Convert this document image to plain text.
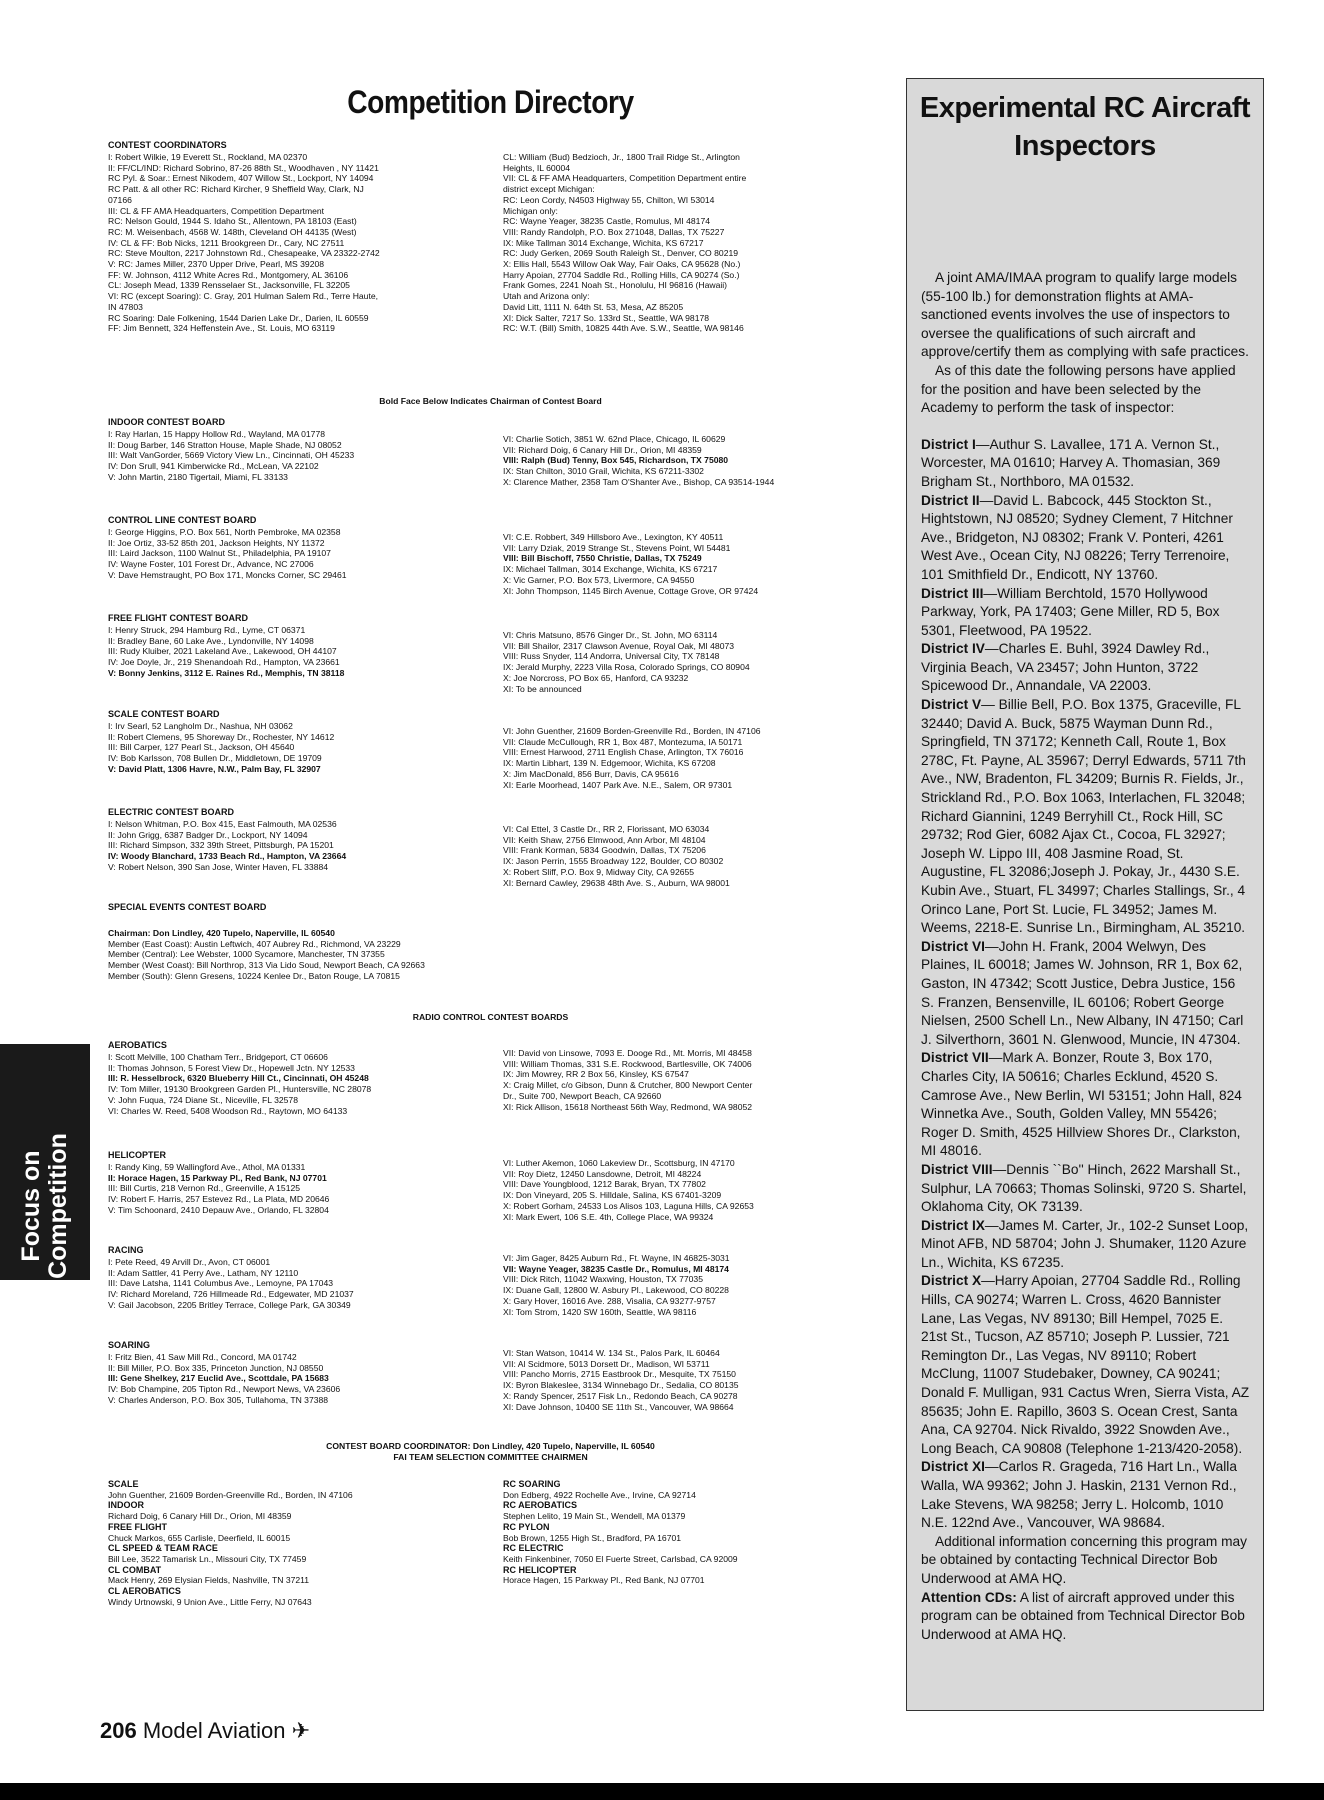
Competition Directory
CONTEST COORDINATORS
I: Robert Wilkie, 19 Everett St., Rockland, MA 02370
II: FF/CL/IND: Richard Sobrino, 87-26 88th St., Woodhaven , NY 11421
RC Pyl. & Soar.: Ernest Nikodem, 407 Willow St., Lockport, NY 14094
RC Patt. & all other RC: Richard Kircher, 9 Sheffield Way, Clark, NJ
07166
III: CL & FF AMA Headquarters, Competition Department
RC: Nelson Gould, 1944 S. Idaho St., Allentown, PA 18103 (East)
RC: M. Weisenbach, 4568 W. 148th, Cleveland OH 44135 (West)
IV: CL & FF: Bob Nicks, 1211 Brookgreen Dr., Cary, NC 27511
RC: Steve Moulton, 2217 Johnstown Rd., Chesapeake, VA 23322-2742
V: RC: James Miller, 2370 Upper Drive, Pearl, MS 39208
FF: W. Johnson, 4112 White Acres Rd., Montgomery, AL 36106
CL: Joseph Mead, 1339 Rensselaer St., Jacksonville, FL 32205
VI: RC (except Soaring): C. Gray, 201 Hulman Salem Rd., Terre Haute,
IN 47803
RC Soaring: Dale Folkening, 1544 Darien Lake Dr., Darien, IL 60559
FF: Jim Bennett, 324 Heffenstein Ave., St. Louis, MO 63119
CL: William (Bud) Bedzioch, Jr., 1800 Trail Ridge St., Arlington
Heights, IL 60004
VII: CL & FF AMA Headquarters, Competition Department entire
district except Michigan:
RC: Leon Cordy, N4503 Highway 55, Chilton, WI 53014
Michigan only:
RC: Wayne Yeager, 38235 Castle, Romulus, MI 48174
VIII: Randy Randolph, P.O. Box 271048, Dallas, TX 75227
IX: Mike Tallman 3014 Exchange, Wichita, KS 67217
RC: Judy Gerken, 2069 South Raleigh St., Denver, CO 80219
X: Ellis Hall, 5543 Willow Oak Way, Fair Oaks, CA 95628 (No.)
Harry Apoian, 27704 Saddle Rd., Rolling Hills, CA 90274 (So.)
Frank Gomes, 2241 Noah St., Honolulu, HI 96816 (Hawaii)
Utah and Arizona only:
David Litt, 1111 N. 64th St. 53, Mesa, AZ 85205
XI: Dick Salter, 7217 So. 133rd St., Seattle, WA 98178
RC: W.T. (Bill) Smith, 10825 44th Ave. S.W., Seattle, WA 98146
Bold Face Below Indicates Chairman of Contest Board
INDOOR CONTEST BOARD
I: Ray Harlan, 15 Happy Hollow Rd., Wayland, MA 01778
II: Doug Barber, 146 Stratton House, Maple Shade, NJ 08052
III: Walt VanGorder, 5669 Victory View Ln., Cincinnati, OH 45233
IV: Don Srull, 941 Kimberwicke Rd., McLean, VA 22102
V: John Martin, 2180 Tigertail, Miami, FL 33133
VI: Charlie Sotich, 3851 W. 62nd Place, Chicago, IL 60629
VII: Richard Doig, 6 Canary Hill Dr., Orion, MI 48359
VIII: Ralph (Bud) Tenny, Box 545, Richardson, TX 75080
IX: Stan Chilton, 3010 Grail, Wichita, KS 67211-3302
X: Clarence Mather, 2358 Tam O'Shanter Ave., Bishop, CA 93514-1944
CONTROL LINE CONTEST BOARD
I: George Higgins, P.O. Box 561, North Pembroke, MA 02358
II: Joe Ortiz, 33-52 85th 201, Jackson Heights, NY 11372
III: Laird Jackson, 1100 Walnut St., Philadelphia, PA 19107
IV: Wayne Foster, 101 Forest Dr., Advance, NC 27006
V: Dave Hemstraught, PO Box 171, Moncks Corner, SC 29461
VI: C.E. Robbert, 349 Hillsboro Ave., Lexington, KY 40511
VII: Larry Dziak, 2019 Strange St., Stevens Point, WI 54481
VIII: Bill Bischoff, 7550 Christie, Dallas, TX 75249
IX: Michael Tallman, 3014 Exchange, Wichita, KS 67217
X: Vic Garner, P.O. Box 573, Livermore, CA 94550
XI: John Thompson, 1145 Birch Avenue, Cottage Grove, OR 97424
FREE FLIGHT CONTEST BOARD
I: Henry Struck, 294 Hamburg Rd., Lyme, CT 06371
II: Bradley Bane, 60 Lake Ave., Lyndonville, NY 14098
III: Rudy Kluiber, 2021 Lakeland Ave., Lakewood, OH 44107
IV: Joe Doyle, Jr., 219 Shenandoah Rd., Hampton, VA 23661
V: Bonny Jenkins, 3112 E. Raines Rd., Memphis, TN 38118
VI: Chris Matsuno, 8576 Ginger Dr., St. John, MO 63114
VII: Bill Shailor, 2317 Clawson Avenue, Royal Oak, MI 48073
VIII: Russ Snyder, 114 Andorra, Universal City, TX 78148
IX: Jerald Murphy, 2223 Villa Rosa, Colorado Springs, CO 80904
X: Joe Norcross, PO Box 65, Hanford, CA 93232
XI: To be announced
SCALE CONTEST BOARD
I: Irv Searl, 52 Langholm Dr., Nashua, NH 03062
II: Robert Clemens, 95 Shoreway Dr., Rochester, NY 14612
III: Bill Carper, 127 Pearl St., Jackson, OH 45640
IV: Bob Karlsson, 708 Bullen Dr., Middletown, DE 19709
V: David Platt, 1306 Havre, N.W., Palm Bay, FL 32907
VI: John Guenther, 21609 Borden-Greenville Rd., Borden, IN 47106
VII: Claude McCullough, RR 1, Box 487, Montezuma, IA 50171
VIII: Ernest Harwood, 2711 English Chase, Arlington, TX 76016
IX: Martin Libhart, 139 N. Edgemoor, Wichita, KS 67208
X: Jim MacDonald, 856 Burr, Davis, CA 95616
XI: Earle Moorhead, 1407 Park Ave. N.E., Salem, OR 97301
ELECTRIC CONTEST BOARD
I: Nelson Whitman, P.O. Box 415, East Falmouth, MA 02536
II: John Grigg, 6387 Badger Dr., Lockport, NY 14094
III: Richard Simpson, 332 39th Street, Pittsburgh, PA 15201
IV: Woody Blanchard, 1733 Beach Rd., Hampton, VA 23664
V: Robert Nelson, 390 San Jose, Winter Haven, FL 33884
VI: Cal Ettel, 3 Castle Dr., RR 2, Florissant, MO 63034
VII: Keith Shaw, 2756 Elmwood, Ann Arbor, MI 48104
VIII: Frank Korman, 5834 Goodwin, Dallas, TX 75206
IX: Jason Perrin, 1555 Broadway 122, Boulder, CO 80302
X: Robert Sliff, P.O. Box 9, Midway City, CA 92655
XI: Bernard Cawley, 29638 48th Ave. S., Auburn, WA 98001
SPECIAL EVENTS CONTEST BOARD
Chairman: Don Lindley, 420 Tupelo, Naperville, IL 60540
Member (East Coast): Austin Leftwich, 407 Aubrey Rd., Richmond, VA 23229
Member (Central): Lee Webster, 1000 Sycamore, Manchester, TN 37355
Member (West Coast): Bill Northrop, 313 Via Lido Soud, Newport Beach, CA 92663
Member (South): Glenn Gresens, 10224 Kenlee Dr., Baton Rouge, LA 70815
RADIO CONTROL CONTEST BOARDS
AEROBATICS
I: Scott Melville, 100 Chatham Terr., Bridgeport, CT 06606
II: Thomas Johnson, 5 Forest View Dr., Hopewell Jctn. NY 12533
III: R. Hesselbrock, 6320 Blueberry Hill Ct., Cincinnati, OH 45248
IV: Tom Miller, 19130 Brookgreen Garden Pl., Huntersville, NC 28078
V: John Fuqua, 724 Diane St., Niceville, FL 32578
VI: Charles W. Reed, 5408 Woodson Rd., Raytown, MO 64133
VII: David von Linsowe, 7093 E. Dooge Rd., Mt. Morris, MI 48458
VIII: William Thomas, 331 S.E. Rockwood, Bartlesville, OK 74006
IX: Jim Mowrey, RR 2 Box 56, Kinsley, KS 67547
X: Craig Millet, c/o Gibson, Dunn & Crutcher, 800 Newport Center
Dr., Suite 700, Newport Beach, CA 92660
XI: Rick Allison, 15618 Northeast 56th Way, Redmond, WA 98052
HELICOPTER
I: Randy King, 59 Wallingford Ave., Athol, MA 01331
II: Horace Hagen, 15 Parkway Pl., Red Bank, NJ 07701
III: Bill Curtis, 218 Vernon Rd., Greenville, A 15125
IV: Robert F. Harris, 257 Estevez Rd., La Plata, MD 20646
V: Tim Schoonard, 2410 Depauw Ave., Orlando, FL 32804
VI: Luther Akemon, 1060 Lakeview Dr., Scottsburg, IN 47170
VII: Roy Dietz, 12450 Lansdowne, Detroit, MI 48224
VIII: Dave Youngblood, 1212 Barak, Bryan, TX 77802
IX: Don Vineyard, 205 S. Hilldale, Salina, KS 67401-3209
X: Robert Gorham, 24533 Los Alisos 103, Laguna Hills, CA 92653
XI: Mark Ewert, 106 S.E. 4th, College Place, WA 99324
RACING
I: Pete Reed, 49 Arvill Dr., Avon, CT 06001
II: Adam Sattler, 41 Perry Ave., Latham, NY 12110
III: Dave Latsha, 1141 Columbus Ave., Lemoyne, PA 17043
IV: Richard Moreland, 726 Hillmeade Rd., Edgewater, MD 21037
V: Gail Jacobson, 2205 Britley Terrace, College Park, GA 30349
VI: Jim Gager, 8425 Auburn Rd., Ft. Wayne, IN 46825-3031
VII: Wayne Yeager, 38235 Castle Dr., Romulus, MI 48174
VIII: Dick Ritch, 11042 Waxwing, Houston, TX 77035
IX: Duane Gall, 12800 W. Asbury Pl., Lakewood, CO 80228
X: Gary Hover, 16016 Ave. 288, Visalia, CA 93277-9757
XI: Tom Strom, 1420 SW 160th, Seattle, WA 98116
SOARING
I: Fritz Bien, 41 Saw Mill Rd., Concord, MA 01742
II: Bill Miller, P.O. Box 335, Princeton Junction, NJ 08550
III: Gene Shelkey, 217 Euclid Ave., Scottdale, PA 15683
IV: Bob Champine, 205 Tipton Rd., Newport News, VA 23606
V: Charles Anderson, P.O. Box 305, Tullahoma, TN 37388
VI: Stan Watson, 10414 W. 134 St., Palos Park, IL 60464
VII: Al Scidmore, 5013 Dorsett Dr., Madison, WI 53711
VIII: Pancho Morris, 2715 Eastbrook Dr., Mesquite, TX 75150
IX: Byron Blakeslee, 3134 Winnebago Dr., Sedalia, CO 80135
X: Randy Spencer, 2517 Fisk Ln., Redondo Beach, CA 90278
XI: Dave Johnson, 10400 SE 11th St., Vancouver, WA 98664
CONTEST BOARD COORDINATOR: Don Lindley, 420 Tupelo, Naperville, IL 60540
FAI TEAM SELECTION COMMITTEE CHAIRMEN
SCALE
John Guenther, 21609 Borden-Greenville Rd., Borden, IN 47106
INDOOR
Richard Doig, 6 Canary Hill Dr., Orion, MI 48359
FREE FLIGHT
Chuck Markos, 655 Carlisle, Deerfield, IL 60015
CL SPEED & TEAM RACE
Bill Lee, 3522 Tamarisk Ln., Missouri City, TX 77459
CL COMBAT
Mack Henry, 269 Elysian Fields, Nashville, TN 37211
CL AEROBATICS
Windy Urtnowski, 9 Union Ave., Little Ferry, NJ 07643
RC SOARING
Don Edberg, 4922 Rochelle Ave., Irvine, CA 92714
RC AEROBATICS
Stephen Lelito, 19 Main St., Wendell, MA 01379
RC PYLON
Bob Brown, 1255 High St., Bradford, PA 16701
RC ELECTRIC
Keith Finkenbiner, 7050 El Fuerte Street, Carlsbad, CA 92009
RC HELICOPTER
Horace Hagen, 15 Parkway Pl., Red Bank, NJ 07701
Experimental RC Aircraft
Inspectors

A joint AMA/IMAA program to qualify large models (55-100 lb.) for demonstration flights at AMA-sanctioned events involves the use of inspectors to oversee the qualifications of such aircraft and approve/certify them as complying with safe practices.

As of this date the following persons have applied for the position and have been selected by the Academy to perform the task of inspector:

District I—Authur S. Lavallee, 171 A. Vernon St., Worcester, MA 01610; Harvey A. Thomasian, 369 Brigham St., Northboro, MA 01532.

District II—David L. Babcock, 445 Stockton St., Hightstown, NJ 08520; Sydney Clement, 7 Hitchner Ave., Bridgeton, NJ 08302; Frank V. Ponteri, 4261 West Ave., Ocean City, NJ 08226; Terry Terrenoire, 101 Smithfield Dr., Endicott, NY 13760.

District III—William Berchtold, 1570 Hollywood Parkway, York, PA 17403; Gene Miller, RD 5, Box 5301, Fleetwood, PA 19522.

District IV—Charles E. Buhl, 3924 Dawley Rd., Virginia Beach, VA 23457; John Hunton, 3722 Spicewood Dr., Annandale, VA 22003.

District V— Billie Bell, P.O. Box 1375, Graceville, FL 32440; David A. Buck, 5875 Wayman Dunn Rd., Springfield, TN 37172; Kenneth Call, Route 1, Box 278C, Ft. Payne, AL 35967; Derryl Edwards, 5711 7th Ave., NW, Bradenton, FL 34209; Burnis R. Fields, Jr., Strickland Rd., P.O. Box 1063, Interlachen, FL 32048; Richard Giannini, 1249 Berryhill Ct., Rock Hill, SC 29732; Rod Gier, 6082 Ajax Ct., Cocoa, FL 32927; Joseph W. Lippo III, 408 Jasmine Road, St. Augustine, FL 32086;Joseph J. Pokay, Jr., 4430 S.E. Kubin Ave., Stuart, FL 34997; Charles Stallings, Sr., 4 Orinco Lane, Port St. Lucie, FL 34952; James M. Weems, 2218-E. Sunrise Ln., Birmingham, AL 35210.

District VI—John H. Frank, 2004 Welwyn, Des Plaines, IL 60018; James W. Johnson, RR 1, Box 62, Gaston, IN 47342; Scott Justice, Debra Justice, 156 S. Franzen, Bensenville, IL 60106; Robert George Nielsen, 2500 Schell Ln., New Albany, IN 47150; Carl J. Silverthorn, 3601 N. Glenwood, Muncie, IN 47304.

District VII—Mark A. Bonzer, Route 3, Box 170, Charles City, IA 50616; Charles Ecklund, 4520 S. Camrose Ave., New Berlin, WI 53151; John Hall, 824 Winnetka Ave., South, Golden Valley, MN 55426; Roger D. Smith, 4525 Hillview Shores Dr., Clarkston, MI 48016.

District VIII—Dennis ``Bo'' Hinch, 2622 Marshall St., Sulphur, LA 70663; Thomas Solinski, 9720 S. Shartel, Oklahoma City, OK 73139.

District IX—James M. Carter, Jr., 102-2 Sunset Loop, Minot AFB, ND 58704; John J. Shumaker, 1120 Azure Ln., Wichita, KS 67235.

District X—Harry Apoian, 27704 Saddle Rd., Rolling Hills, CA 90274; Warren L. Cross, 4620 Bannister Lane, Las Vegas, NV 89130; Bill Hempel, 7025 E. 21st St., Tucson, AZ 85710; Joseph P. Lussier, 721 Remington Dr., Las Vegas, NV 89110; Robert McClung, 11007 Studebaker, Downey, CA 90241; Donald F. Mulligan, 931 Cactus Wren, Sierra Vista, AZ 85635; John E. Rapillo, 3603 S. Ocean Crest, Santa Ana, CA 92704. Nick Rivaldo, 3922 Snowden Ave., Long Beach, CA 90808 (Telephone 1-213/420-2058).

District XI—Carlos R. Grageda, 716 Hart Ln., Walla Walla, WA 99362; John J. Haskin, 2131 Vernon Rd., Lake Stevens, WA 98258; Jerry L. Holcomb, 1010 N.E. 122nd Ave., Vancouver, WA 98684.

Additional information concerning this program may be obtained by contacting Technical Director Bob Underwood at AMA HQ.

Attention CDs: A list of aircraft approved under this program can be obtained from Technical Director Bob Underwood at AMA HQ.

Focus on Competition
206 Model Aviation ✈
